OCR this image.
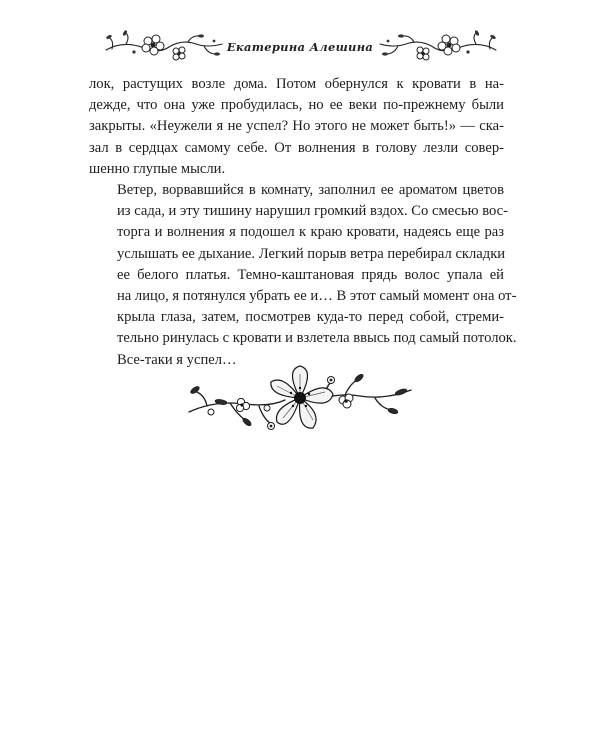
Екатерина Алешина

лок, растущих возле дома. Потом обернулся к кровати в на-
дежде, что она уже пробудилась, но ее веки по-прежнему были
закрыты. «Неужели я не успел? Но этого не может быть!» — ска-
зал в сердцах самому себе. От волнения в голову лезли совер-
шенно глупые мысли.

Ветер, ворвавшийся в комнату, заполнил ее ароматом цветов
из сада, и эту тишину нарушил громкий вздох. Со смесью вос-
торга и волнения я подошел к краю кровати, надеясь еще раз
услышать ее дыхание. Легкий порыв ветра перебирал складки
ее белого платья. Темно-каштановая прядь волос упала ей
на лицо, я потянулся убрать ее и… В этот самый момент она от-
крыла глаза, затем, посмотрев куда-то перед собой, стреми-
тельно ринулась с кровати и взлетела ввысь под самый потолок.
Все-таки я успел…
